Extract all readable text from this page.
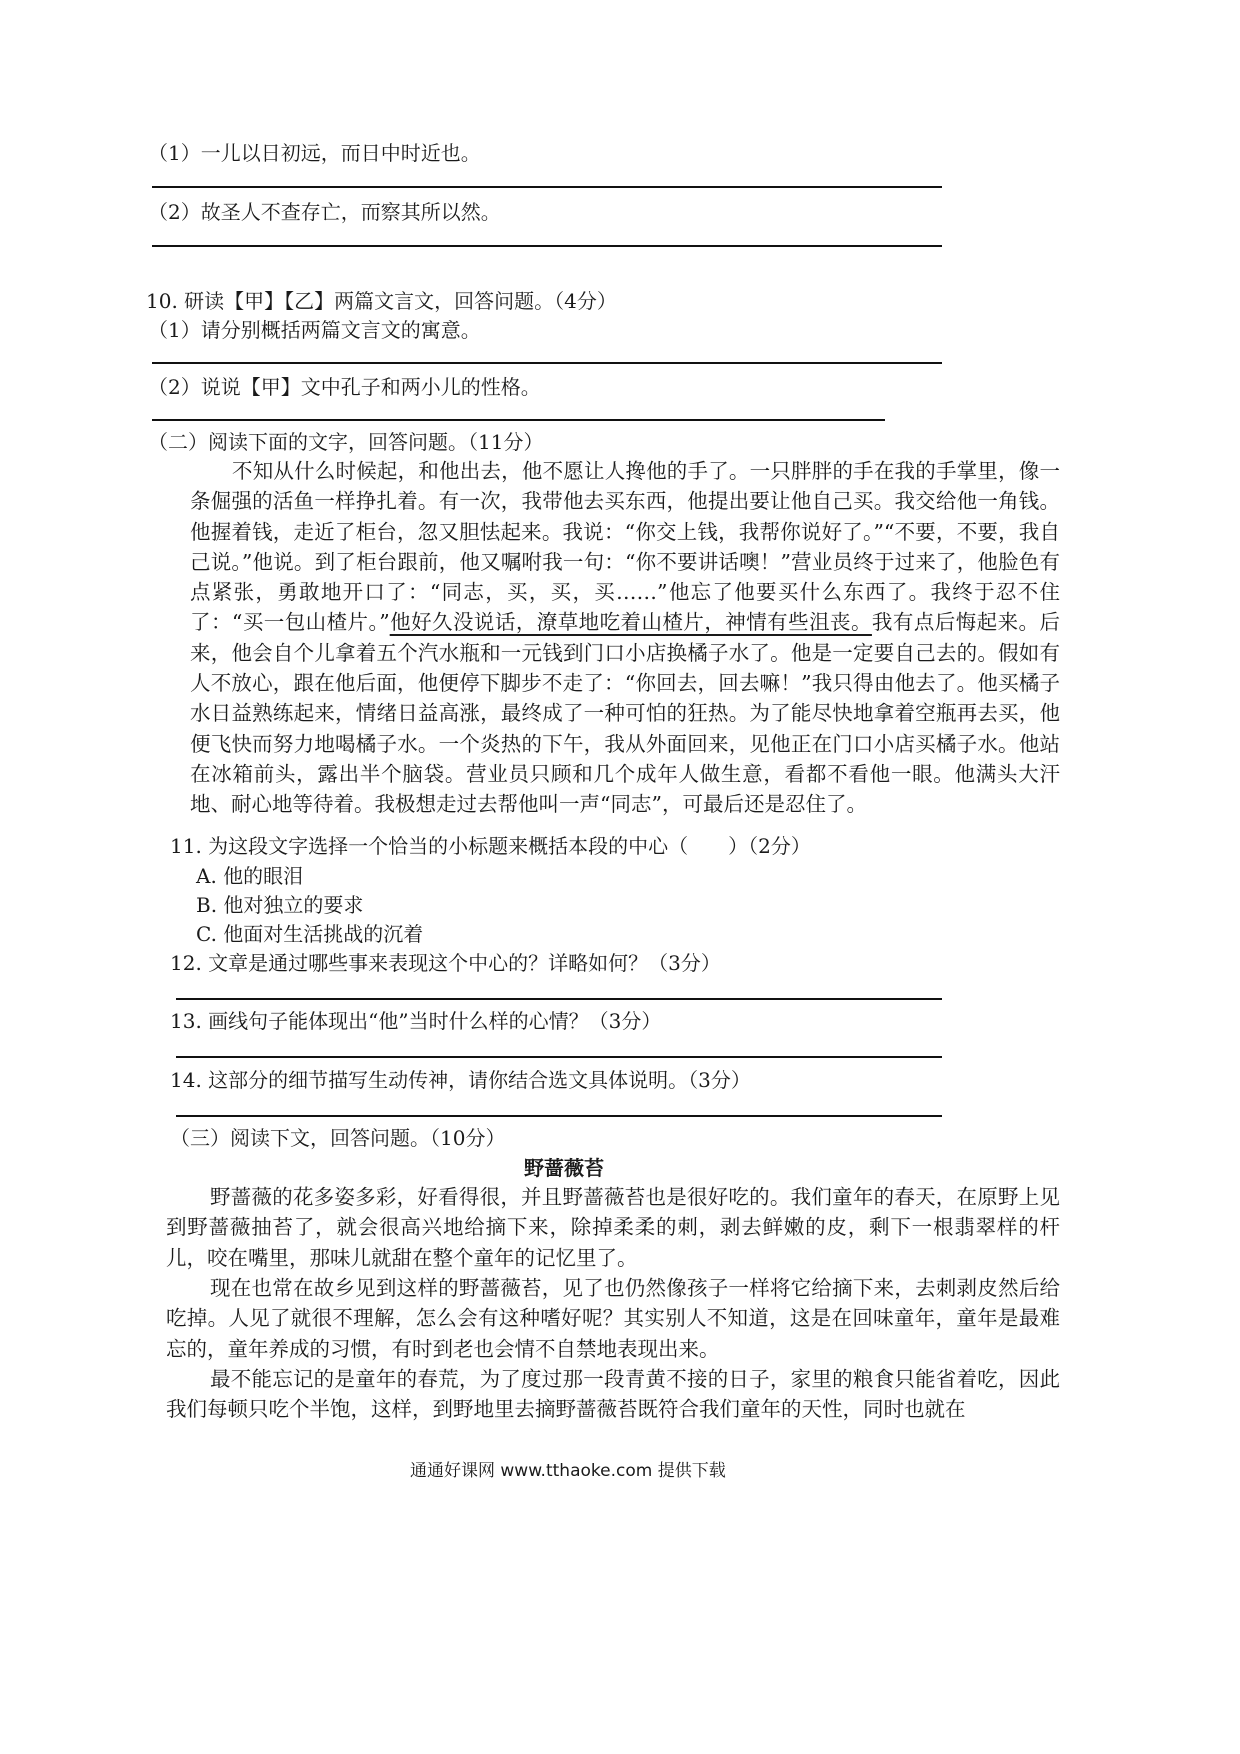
（1）一儿以日初远，而日中时近也。
（2）故圣人不查存亡，而察其所以然。
10. 研读【甲】【乙】两篇文言文，回答问题。（4分）
（1）请分别概括两篇文言文的寓意。
（2）说说【甲】文中孔子和两小儿的性格。
（二）阅读下面的文字，回答问题。（11分）
不知从什么时候起，和他出去，他不愿让人搀他的手了。一只胖胖的手在我的手掌里，像一条倔强的活鱼一样挣扎着。有一次，我带他去买东西，他提出要让他自己买。我交给他一角钱。他握着钱，走近了柜台，忽又胆怯起来。我说：“你交上钱，我帮你说好了。”“不要，不要，我自己说。”他说。到了柜台跟前，他又嘱咐我一句：“你不要讲话噢！”营业员终于过来了，他脸色有点紧张，勇敢地开口了：“同志，买，买，买……”他忘了他要买什么东西了。我终于忍不住了：“买一包山楂片。”他好久没说话，潦草地吃着山楂片，神情有些沮丧。我有点后悔起来。后来，他会自个儿拿着五个汽水瓶和一元钱到门口小店换橘子水了。他是一定要自己去的。假如有人不放心，跟在他后面，他便停下脚步不走了：“你回去，回去嘛！”我只得由他去了。他买橘子水日益熟练起来，情绪日益高涨，最终成了一种可怕的狂热。为了能尽快地拿着空瓶再去买，他便飞快而努力地喝橘子水。一个炎热的下午，我从外面回来，见他正在门口小店买橘子水。他站在冰箱前头，露出半个脑袋。营业员只顾和几个成年人做生意，看都不看他一眼。他满头大汗地、耐心地等待着。我极想走过去帮他叫一声“同志”，可最后还是忍住了。
11. 为这段文字选择一个恰当的小标题来概括本段的中心（　　）（2分）
A. 他的眼泪
B. 他对独立的要求
C. 他面对生活挑战的沉着
12. 文章是通过哪些事来表现这个中心的？详略如何？（3分）
13. 画线句子能体现出“他”当时什么样的心情？（3分）
14. 这部分的细节描写生动传神，请你结合选文具体说明。（3分）
（三）阅读下文，回答问题。（10分）
野蔷薇苔
野蔷薇的花多姿多彩，好看得很，并且野蔷薇苔也是很好吃的。我们童年的春天，在原野上见到野蔷薇抽苔了，就会很高兴地给摘下来，除掉柔柔的刺，剥去鲜嫩的皮，剩下一根翡翠样的杆儿，咬在嘴里，那味儿就甜在整个童年的记忆里了。
现在也常在故乡见到这样的野蔷薇苔，见了也仍然像孩子一样将它给摘下来，去刺剥皮然后给吃掉。人见了就很不理解，怎么会有这种嗜好呢？其实别人不知道，这是在回味童年，童年是最难忘的，童年养成的习惯，有时到老也会情不自禁地表现出来。
最不能忘记的是童年的春荒，为了度过那一段青黄不接的日子，家里的粮食只能省着吃，因此我们每顿只吃个半饱，这样，到野地里去摘野蔷薇苔既符合我们童年的天性，同时也就在
通通好课网 www.tthaoke.com 提供下载
